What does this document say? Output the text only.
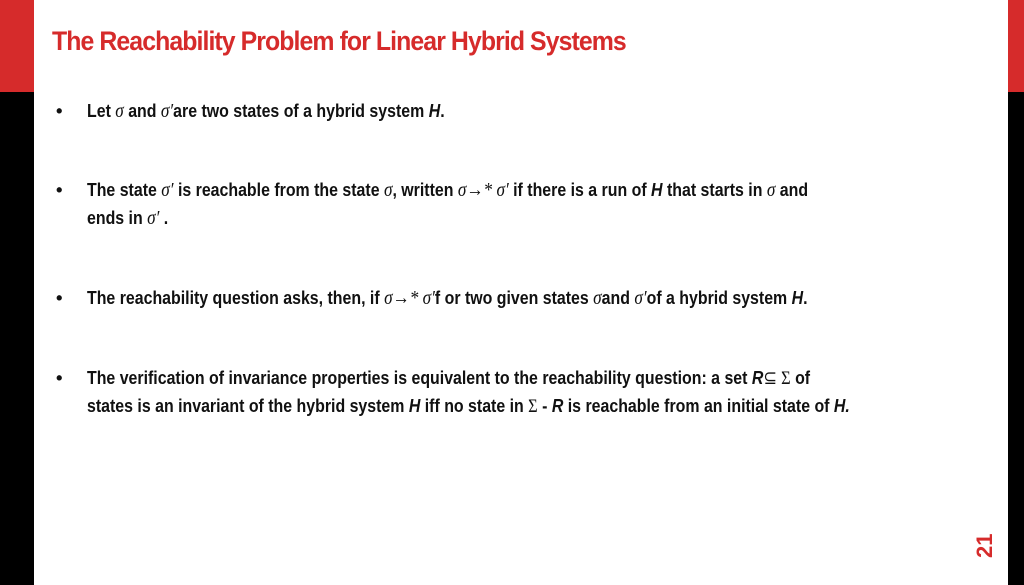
The Reachability Problem for Linear Hybrid Systems
•	Let σ and σ′are two states of a hybrid system H.
•	The state σ′ is reachable from the state σ, written σ→* σ′ if there is a run of H that starts in σ and
ends in σ′ .
•	The reachability question asks, then, if σ→* σ′f or two given states σand σ′of a hybrid system H.
•	The verification of invariance properties is equivalent to the reachability question: a set R⊆ Σ of
states is an invariant of the hybrid system H iff no state in Σ - R is reachable from an initial state of H.
21
